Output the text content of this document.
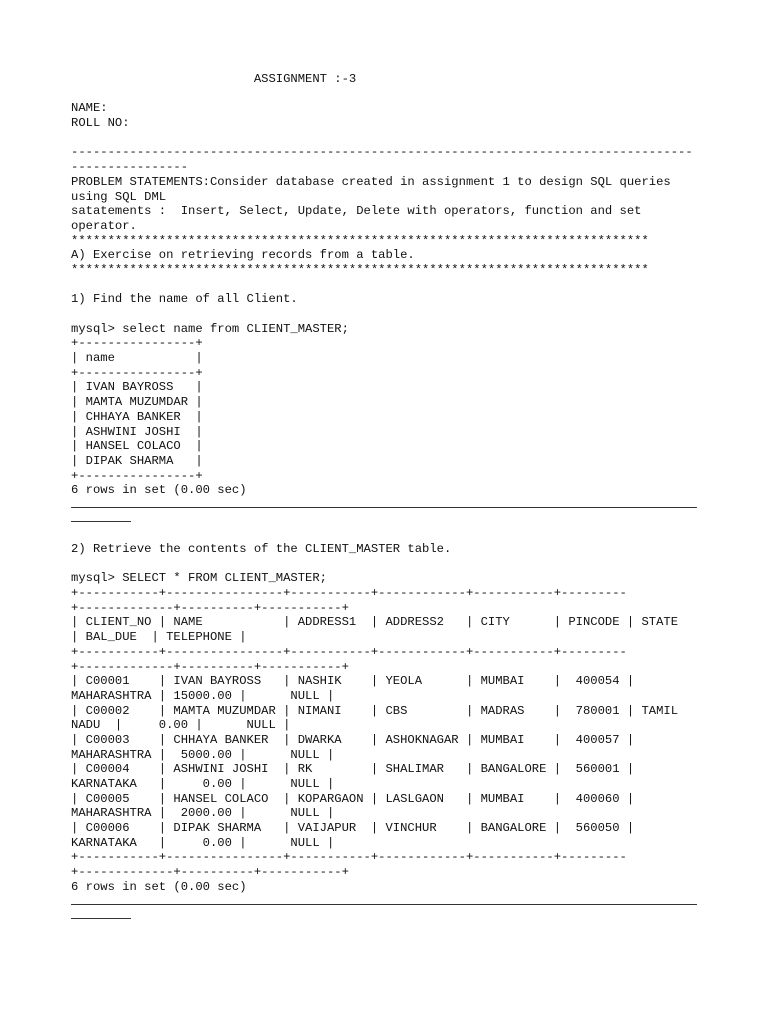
ASSIGNMENT :-3
NAME:
ROLL NO:
-------------------------------------------------------------------------------------
----------------
PROBLEM STATEMENTS:Consider database created in assignment 1 to design SQL queries
using SQL DML
satatements :  Insert, Select, Update, Delete with operators, function and set
operator.
*******************************************************************************
A) Exercise on retrieving records from a table.
*******************************************************************************
1) Find the name of all Client.
mysql> select name from CLIENT_MASTER;
+----------------+
| name           |
+----------------+
| IVAN BAYROSS   |
| MAMTA MUZUMDAR |
| CHHAYA BANKER  |
| ASHWINI JOSHI  |
| HANSEL COLACO  |
| DIPAK SHARMA   |
+----------------+
6 rows in set (0.00 sec)
2) Retrieve the contents of the CLIENT_MASTER table.
mysql> SELECT * FROM CLIENT_MASTER;
+-----------+----------------+-----------+------------+-----------+---------
+-------------+----------+-----------+
| CLIENT_NO | NAME           | ADDRESS1  | ADDRESS2   | CITY      | PINCODE | STATE
| BAL_DUE  | TELEPHONE |
+-----------+----------------+-----------+------------+-----------+---------
+-------------+----------+-----------+
| C00001    | IVAN BAYROSS   | NASHIK    | YEOLA      | MUMBAI    |  400054 |
MAHARASHTRA | 15000.00 |      NULL |
| C00002    | MAMTA MUZUMDAR | NIMANI    | CBS        | MADRAS    |  780001 | TAMIL
NADU  |     0.00 |      NULL |
| C00003    | CHHAYA BANKER  | DWARKA    | ASHOKNAGAR | MUMBAI    |  400057 |
MAHARASHTRA |  5000.00 |      NULL |
| C00004    | ASHWINI JOSHI  | RK        | SHALIMAR   | BANGALORE |  560001 |
KARNATAKA   |     0.00 |      NULL |
| C00005    | HANSEL COLACO  | KOPARGAON | LASLGAON   | MUMBAI    |  400060 |
MAHARASHTRA |  2000.00 |      NULL |
| C00006    | DIPAK SHARMA   | VAIJAPUR  | VINCHUR    | BANGALORE |  560050 |
KARNATAKA   |     0.00 |      NULL |
+-----------+----------------+-----------+------------+-----------+---------
+-------------+----------+-----------+
6 rows in set (0.00 sec)
